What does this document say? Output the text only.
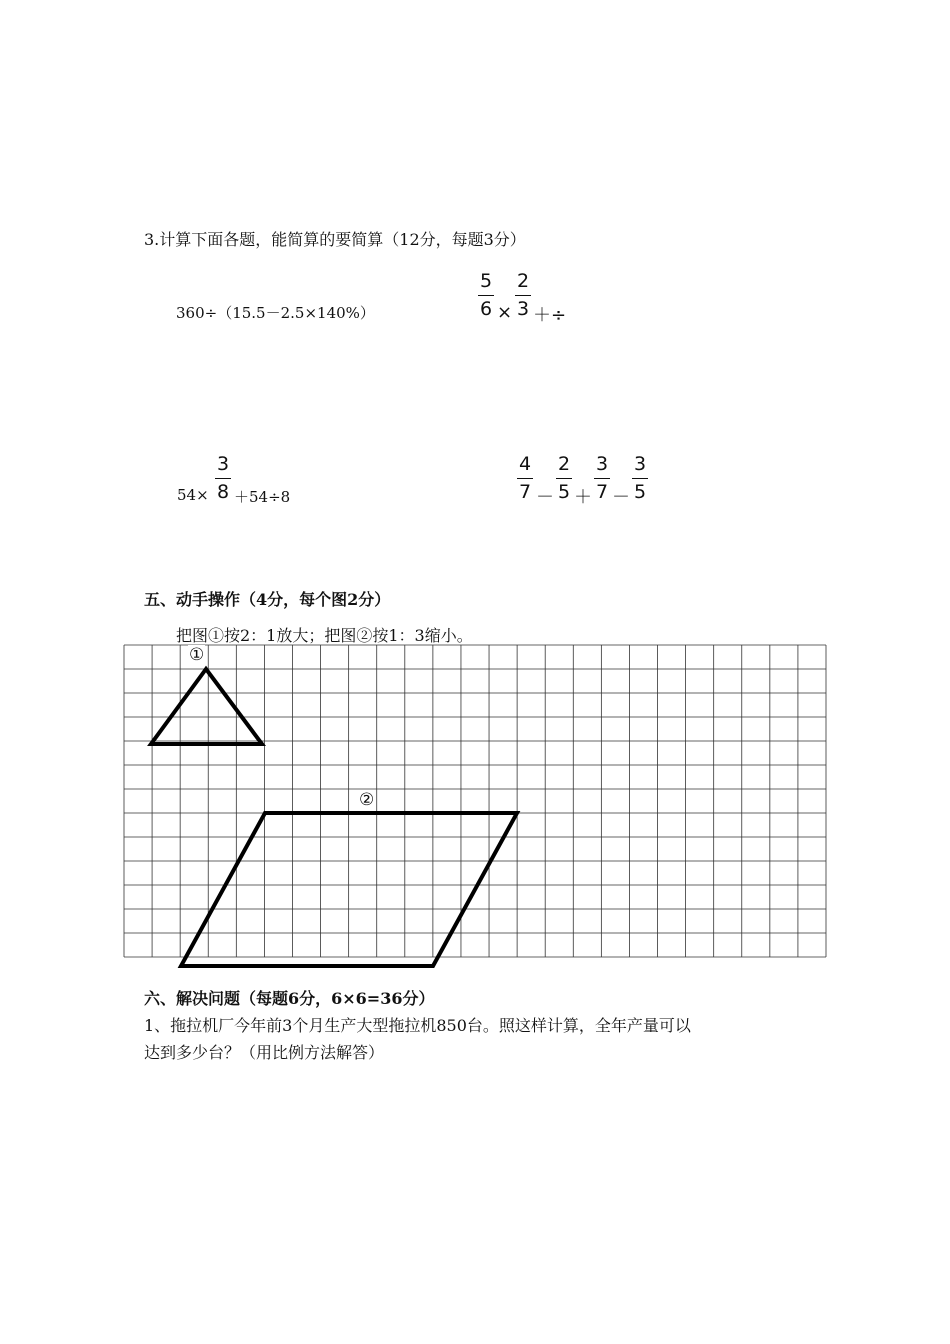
3.计算下面各题，能简算的要简算（12分，每题3分）
360÷（15.5－2.5×140%）
5
6 ×
2
3 ＋÷
54×
3
8 ＋54÷8
4
7 －
2
5 ＋
3
7 －
3
5
五、动手操作（4分，每个图2分）
把图①按2：1放大；把图②按1：3缩小。
①
②
六、解决问题（每题6分，6×6=36分）
1、拖拉机厂今年前3个月生产大型拖拉机850台。照这样计算，全年产量可以
达到多少台？（用比例方法解答）
